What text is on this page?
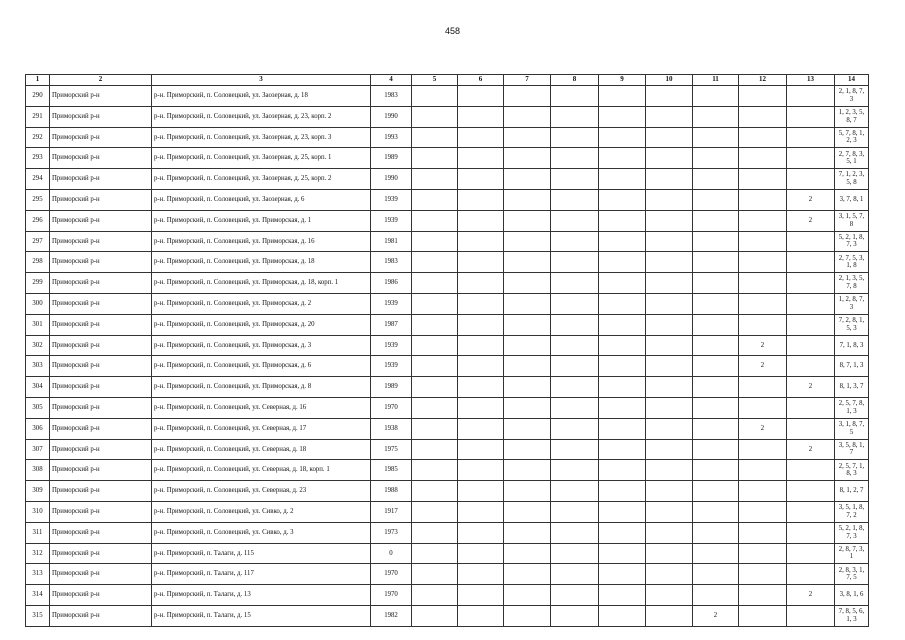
458
1	2	3	4	5	6	7	8	9	10	11	12	13	14
290	Приморский р-н	р-н. Приморский, п. Соловецкий, ул. Заозерная, д. 18	1983										2, 1, 8, 7, 3
291	Приморский р-н	р-н. Приморский, п. Соловецкий, ул. Заозерная, д. 23, корп. 2	1990										1, 2, 3, 5, 8, 7
292	Приморский р-н	р-н. Приморский, п. Соловецкий, ул. Заозерная, д. 23, корп. 3	1993										5, 7, 8, 1, 2, 3
293	Приморский р-н	р-н. Приморский, п. Соловецкий, ул. Заозерная, д. 25, корп. 1	1989										2, 7, 8, 3, 5, 1
294	Приморский р-н	р-н. Приморский, п. Соловецкий, ул. Заозерная, д. 25, корп. 2	1990										7, 1, 2, 3, 5, 8
295	Приморский р-н	р-н. Приморский, п. Соловецкий, ул. Заозерная, д. 6	1939									2	3, 7, 8, 1
296	Приморский р-н	р-н. Приморский, п. Соловецкий, ул. Приморская, д. 1	1939									2	3, 1, 5, 7, 8
297	Приморский р-н	р-н. Приморский, п. Соловецкий, ул. Приморская, д. 16	1981										5, 2, 1, 8, 7, 3
298	Приморский р-н	р-н. Приморский, п. Соловецкий, ул. Приморская, д. 18	1983										2, 7, 5, 3, 1, 8
299	Приморский р-н	р-н. Приморский, п. Соловецкий, ул. Приморская, д. 18, корп. 1	1986										2, 1, 3, 5, 7, 8
300	Приморский р-н	р-н. Приморский, п. Соловецкий, ул. Приморская, д. 2	1939										1, 2, 8, 7, 3
301	Приморский р-н	р-н. Приморский, п. Соловецкий, ул. Приморская, д. 20	1987										7, 2, 8, 1, 5, 3
302	Приморский р-н	р-н. Приморский, п. Соловецкий, ул. Приморская, д. 3	1939								2		7, 1, 8, 3
303	Приморский р-н	р-н. Приморский, п. Соловецкий, ул. Приморская, д. 6	1939								2		8, 7, 1, 3
304	Приморский р-н	р-н. Приморский, п. Соловецкий, ул. Приморская, д. 8	1989									2	8, 1, 3, 7
305	Приморский р-н	р-н. Приморский, п. Соловецкий, ул. Северная, д. 16	1970										2, 5, 7, 8, 1, 3
306	Приморский р-н	р-н. Приморский, п. Соловецкий, ул. Северная, д. 17	1938								2		3, 1, 8, 7, 5
307	Приморский р-н	р-н. Приморский, п. Соловецкий, ул. Северная, д. 18	1975									2	3, 5, 8, 1, 7
308	Приморский р-н	р-н. Приморский, п. Соловецкий, ул. Северная, д. 18, корп. 1	1985										2, 5, 7, 1, 8, 3
309	Приморский р-н	р-н. Приморский, п. Соловецкий, ул. Северная, д. 23	1988										8, 1, 2, 7
310	Приморский р-н	р-н. Приморский, п. Соловецкий, ул. Сивко, д. 2	1917										3, 5, 1, 8, 7, 2
311	Приморский р-н	р-н. Приморский, п. Соловецкий, ул. Сивко, д. 3	1973										5, 2, 1, 8, 7, 3
312	Приморский р-н	р-н. Приморский, п. Талаги, д. 115	0										2, 8, 7, 3, 1
313	Приморский р-н	р-н. Приморский, п. Талаги, д. 117	1970										2, 8, 3, 1, 7, 5
314	Приморский р-н	р-н. Приморский, п. Талаги, д. 13	1970									2	3, 8, 1, 6
315	Приморский р-н	р-н. Приморский, п. Талаги, д. 15	1982							2			7, 8, 5, 6, 1, 3
